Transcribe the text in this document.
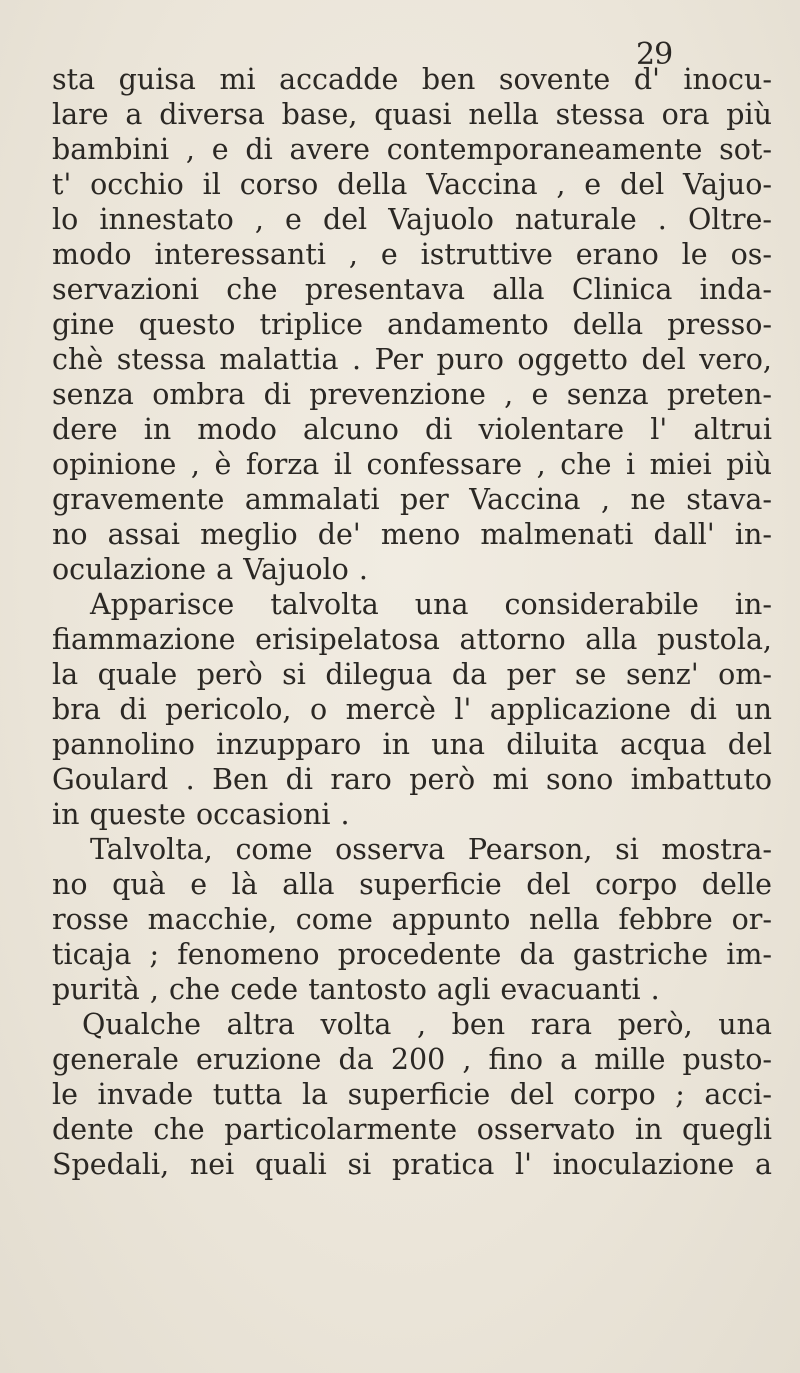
29
sta guisa mi accadde ben sovente d' inocu-
lare a diversa base, quasi nella stessa ora più
bambini , e di avere contemporaneamente sot-
t' occhio il corso della Vaccina , e del Vajuo-
lo innestato , e del Vajuolo naturale . Oltre-
modo interessanti , e istruttive erano le os-
servazioni che presentava alla Clinica inda-
gine questo triplice andamento della presso-
chè stessa malattia . Per puro oggetto del vero,
senza ombra di prevenzione , e senza preten-
dere in modo alcuno di violentare l' altrui
opinione , è forza il confessare , che i miei più
gravemente ammalati per Vaccina , ne stava-
no assai meglio de' meno malmenati dall' in-
oculazione a Vajuolo .
Apparisce talvolta una considerabile in-
fiammazione erisipelatosa attorno alla pustola,
la quale però si dilegua da per se senz' om-
bra di pericolo, o mercè l' applicazione di un
pannolino inzupparo in una diluita acqua del
Goulard . Ben di raro però mi sono imbattuto
in queste occasioni .
Talvolta, come osserva Pearson, si mostra-
no quà e là alla superficie del corpo delle
rosse macchie, come appunto nella febbre or-
ticaja ; fenomeno procedente da gastriche im-
purità , che cede tantosto agli evacuanti .
Qualche altra volta , ben rara però, una
generale eruzione da 200 , fino a mille pusto-
le invade tutta la superficie del corpo ; acci-
dente che particolarmente osservato in quegli
Spedali, nei quali si pratica l' inoculazione a
